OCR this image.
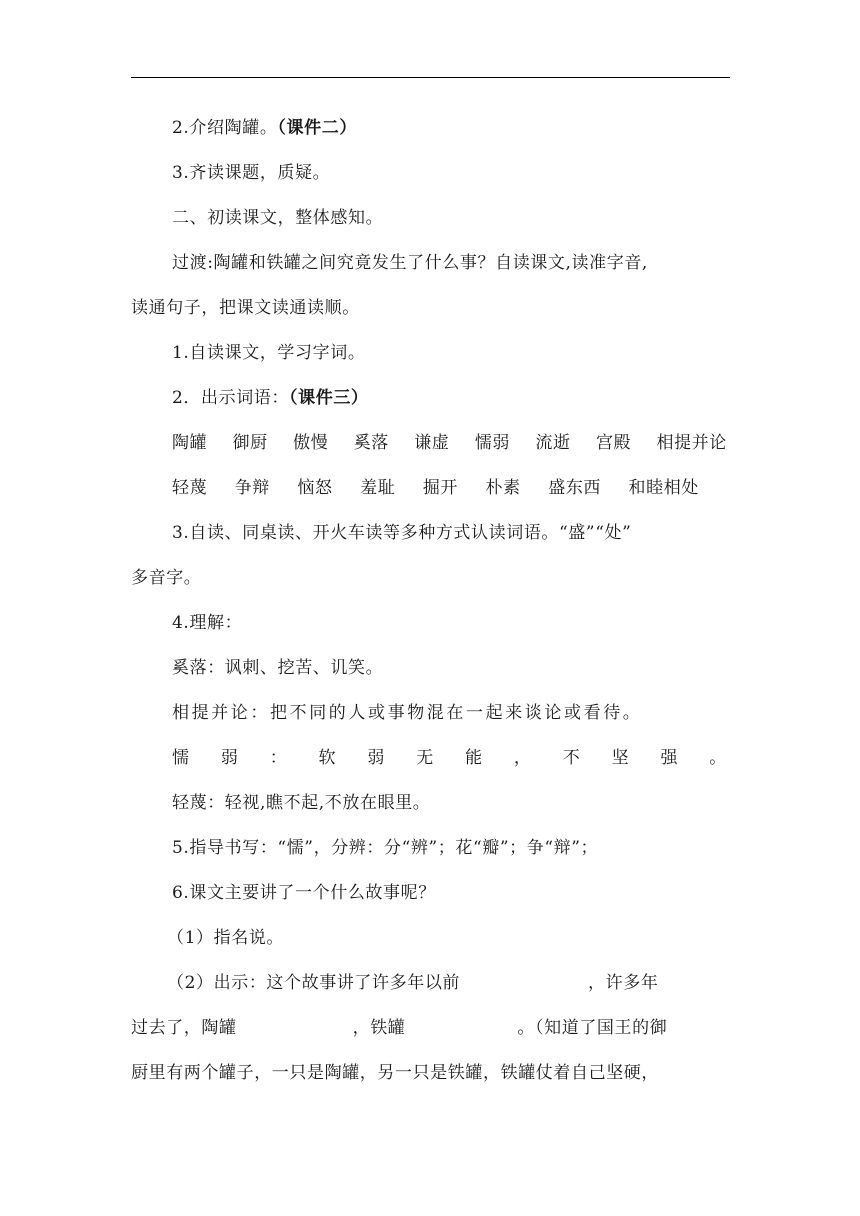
2.介绍陶罐。（课件二）
3.齐读课题，质疑。
二、初读课文，整体感知。
过渡:陶罐和铁罐之间究竟发生了什么事？自读课文,读准字音,
读通句子，把课文读通读顺。
1.自读课文，学习字词。
2．出示词语：（课件三）
陶罐 御厨 傲慢 奚落 谦虚 懦弱 流逝 宫殿 相提并论
轻蔑 争辩 恼怒 羞耻 掘开 朴素 盛东西 和睦相处
3.自读、同桌读、开火车读等多种方式认读词语。“盛”“处”
多音字。
4.理解：
奚落：讽刺、挖苦、讥笑。
相提并论：把不同的人或事物混在一起来谈论或看待。
懦 弱 ： 软 弱 无 能 ， 不 坚 强 。
轻蔑：轻视,瞧不起,不放在眼里。
5.指导书写：“懦”，分辨：分“辨”；花“瓣”；争“辩”；
6.课文主要讲了一个什么故事呢？
（1）指名说。
（2）出示：这个故事讲了许多年以前	，许多年
过去了，陶罐	，铁罐	。（知道了国王的御
厨里有两个罐子，一只是陶罐，另一只是铁罐，铁罐仗着自己坚硬，
